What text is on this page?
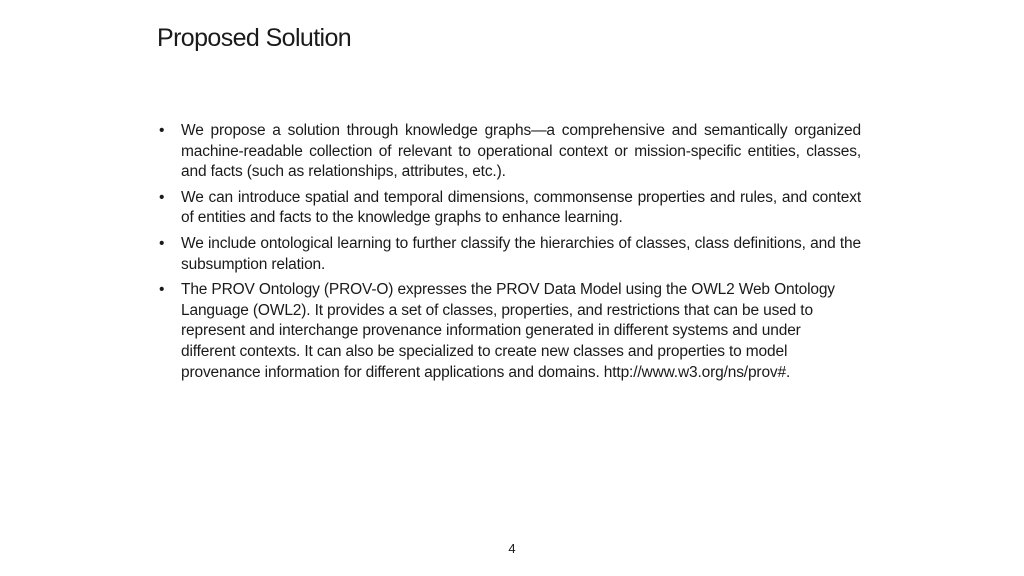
Proposed Solution
• We propose a solution through knowledge graphs—a comprehensive and semantically organized machine-readable collection of relevant to operational context or mission-specific entities, classes, and facts (such as relationships, attributes, etc.).
• We can introduce spatial and temporal dimensions, commonsense properties and rules, and context of entities and facts to the knowledge graphs to enhance learning.
• We include ontological learning to further classify the hierarchies of classes, class definitions, and the subsumption relation.
• The PROV Ontology (PROV-O) expresses the PROV Data Model using the OWL2 Web Ontology Language (OWL2). It provides a set of classes, properties, and restrictions that can be used to represent and interchange provenance information generated in different systems and under different contexts. It can also be specialized to create new classes and properties to model provenance information for different applications and domains. http://www.w3.org/ns/prov#.
4
